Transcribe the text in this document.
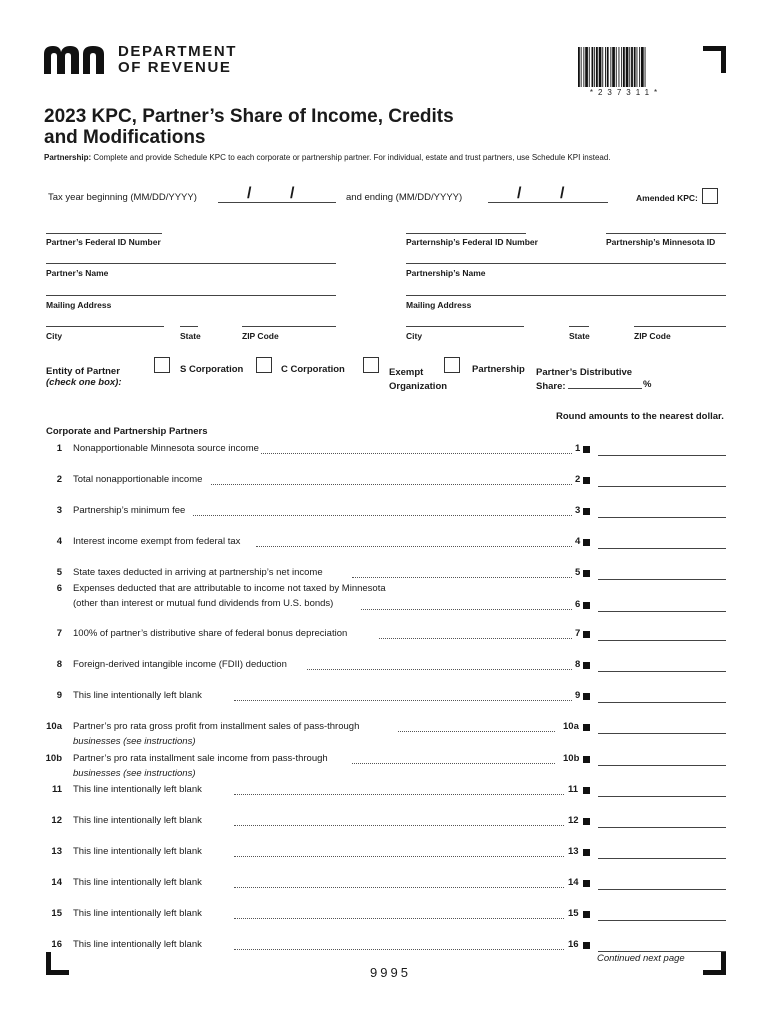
DEPARTMENT
OF REVENUE
*237311*
2023 KPC, Partner’s Share of Income, Credits
and Modifications
Partnership: Complete and provide Schedule KPC to each corporate or partnership partner. For individual, estate and trust partners, use Schedule KPI instead.
Tax year beginning (MM/DD/YYYY)	/ /	and ending (MM/DD/YYYY)	/ /	Amended KPC:
Partner’s Federal ID Number	Parternship’s Federal ID Number	Partnership’s Minnesota ID
Partner’s Name	Partnership’s Name
Mailing Address	Mailing Address
City	State	ZIP Code	City	State	ZIP Code
Entity of Partner
(check one box):
S Corporation	C Corporation	Exempt
Organization
Partnership Partner’s Distributive
Share:	%
Round amounts to the nearest dollar.
Corporate and Partnership Partners
1 Nonapportionable Minnesota source income	1
2 Total nonapportionable income	2
3 Partnership’s minimum fee	3
4 Interest income exempt from federal tax	4
5 State taxes deducted in arriving at partnership’s net income	5
6 Expenses deducted that are attributable to income not taxed by Minnesota
(other than interest or mutual fund dividends from U.S. bonds)	6
7 100% of partner’s distributive share of federal bonus depreciation	7
8 Foreign-derived intangible income (FDII) deduction	8
9 This line intentionally left blank	9
10a Partner’s pro rata gross profit from installment sales of pass-through
businesses (see instructions)
10a
10b Partner’s pro rata installment sale income from pass-through
businesses (see instructions)
10b
11 This line intentionally left blank	11
12 This line intentionally left blank	12
13 This line intentionally left blank	13
14 This line intentionally left blank	14
15 This line intentionally left blank	15
16 This line intentionally left blank	16
Continued next page
9995
